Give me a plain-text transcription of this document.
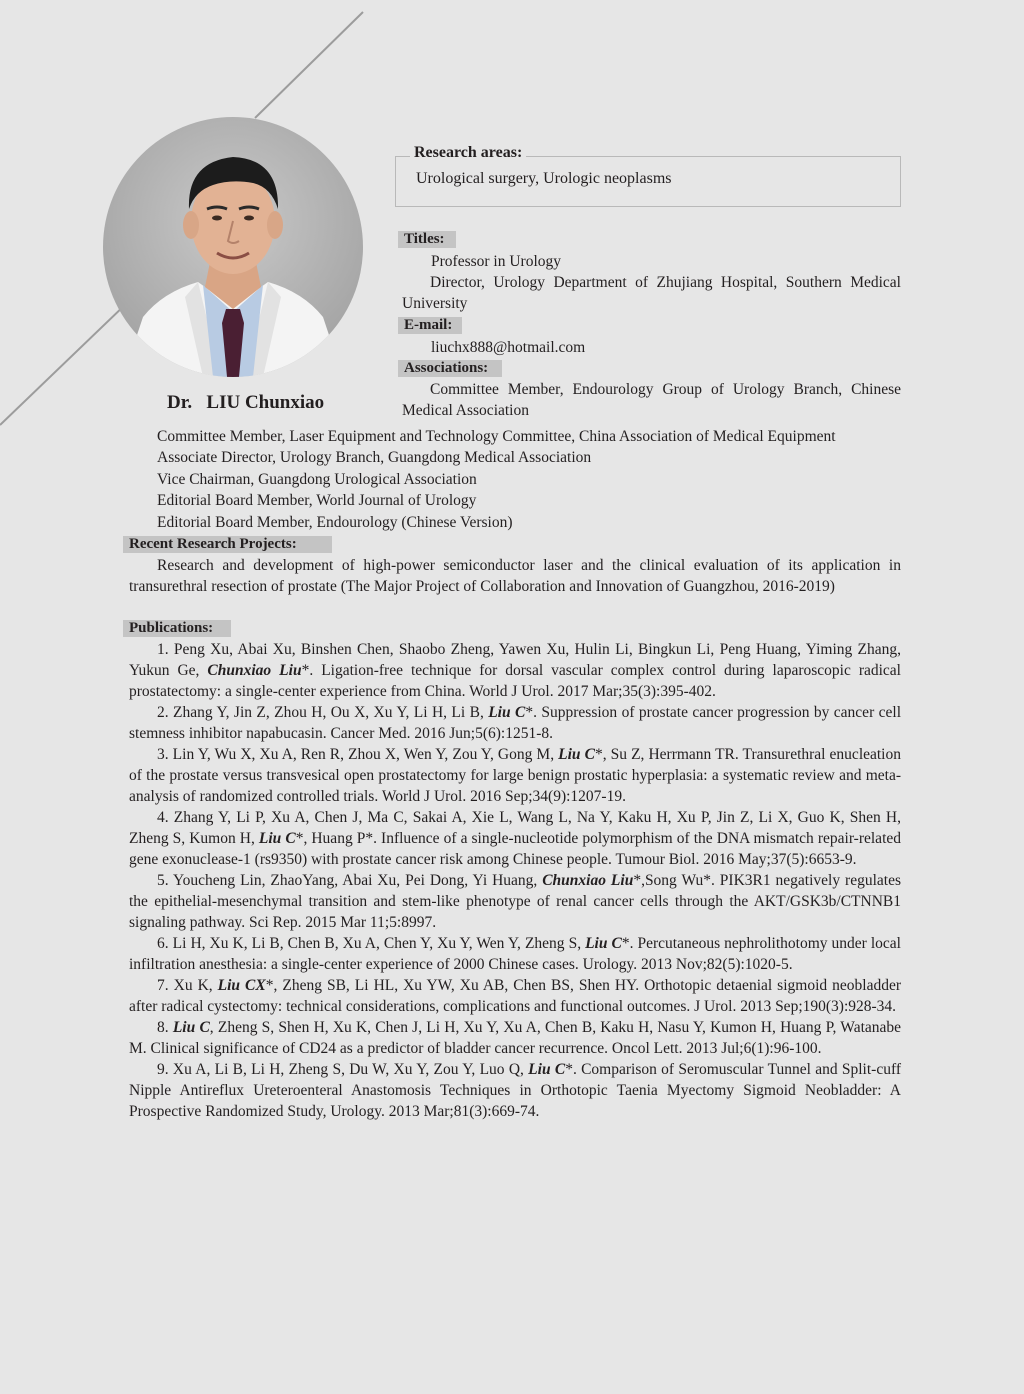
Dr.   LIU Chunxiao
Research areas:
Urological surgery, Urologic neoplasms
Titles:
Professor in Urology

Director, Urology Department of Zhujiang Hospital, Southern Medical University

E-mail:
liuchx888@hotmail.com
Associations:

Committee Member, Endourology Group of Urology Branch, Chinese Medical Association

Committee Member, Laser Equipment and Technology Committee, China Association of Medical Equipment
Associate Director, Urology Branch, Guangdong Medical Association
Vice Chairman, Guangdong Urological Association
Editorial Board Member, World Journal of Urology
Editorial Board Member, Endourology (Chinese Version)
Recent Research Projects:

Research and development of high-power semiconductor laser and the clinical evaluation of its application in transurethral resection of prostate (The Major Project of Collaboration and Innovation of Guangzhou, 2016-2019)

Publications:

1. Peng Xu, Abai Xu, Binshen Chen, Shaobo Zheng, Yawen Xu, Hulin Li, Bingkun Li, Peng Huang, Yiming Zhang, Yukun Ge, Chunxiao Liu*. Ligation-free technique for dorsal vascular complex control during laparoscopic radical prostatectomy: a single-center experience from China. World J Urol. 2017 Mar;35(3):395-402.

2. Zhang Y, Jin Z, Zhou H, Ou X, Xu Y, Li H, Li B, Liu C*. Suppression of prostate cancer progression by cancer cell stemness inhibitor napabucasin. Cancer Med. 2016 Jun;5(6):1251-8.

3. Lin Y, Wu X, Xu A, Ren R, Zhou X, Wen Y, Zou Y, Gong M, Liu C*, Su Z, Herrmann TR. Transurethral enucleation of the prostate versus transvesical open prostatectomy for large benign prostatic hyperplasia: a systematic review and meta-analysis of randomized controlled trials. World J Urol. 2016 Sep;34(9):1207-19.

4. Zhang Y, Li P, Xu A, Chen J, Ma C, Sakai A, Xie L, Wang L, Na Y, Kaku H, Xu P, Jin Z, Li X, Guo K, Shen H, Zheng S, Kumon H, Liu C*, Huang P*. Influence of a single-nucleotide polymorphism of the DNA mismatch repair-related gene exonuclease-1 (rs9350) with prostate cancer risk among Chinese people. Tumour Biol. 2016 May;37(5):6653-9.

5. Youcheng Lin, ZhaoYang, Abai Xu, Pei Dong, Yi Huang, Chunxiao Liu*,Song Wu*. PIK3R1 negatively regulates the epithelial-mesenchymal transition and stem-like phenotype of renal cancer cells through the AKT/GSK3b/CTNNB1 signaling pathway. Sci Rep. 2015 Mar 11;5:8997.

6. Li H, Xu K, Li B, Chen B, Xu A, Chen Y, Xu Y, Wen Y, Zheng S, Liu C*. Percutaneous nephrolithotomy under local infiltration anesthesia: a single-center experience of 2000 Chinese cases. Urology. 2013 Nov;82(5):1020-5.

7. Xu K, Liu CX*, Zheng SB, Li HL, Xu YW, Xu AB, Chen BS, Shen HY. Orthotopic detaenial sigmoid neobladder after radical cystectomy: technical considerations, complications and functional outcomes. J Urol. 2013 Sep;190(3):928-34.

8. Liu C, Zheng S, Shen H, Xu K, Chen J, Li H, Xu Y, Xu A, Chen B, Kaku H, Nasu Y, Kumon H, Huang P, Watanabe M. Clinical significance of CD24 as a predictor of bladder cancer recurrence. Oncol Lett. 2013 Jul;6(1):96-100.

9. Xu A, Li B, Li H, Zheng S, Du W, Xu Y, Zou Y, Luo Q, Liu C*. Comparison of Seromuscular Tunnel and Split-cuff Nipple Antireflux Ureteroenteral Anastomosis Techniques in Orthotopic Taenia Myectomy Sigmoid Neobladder: A Prospective Randomized Study, Urology. 2013 Mar;81(3):669-74.
